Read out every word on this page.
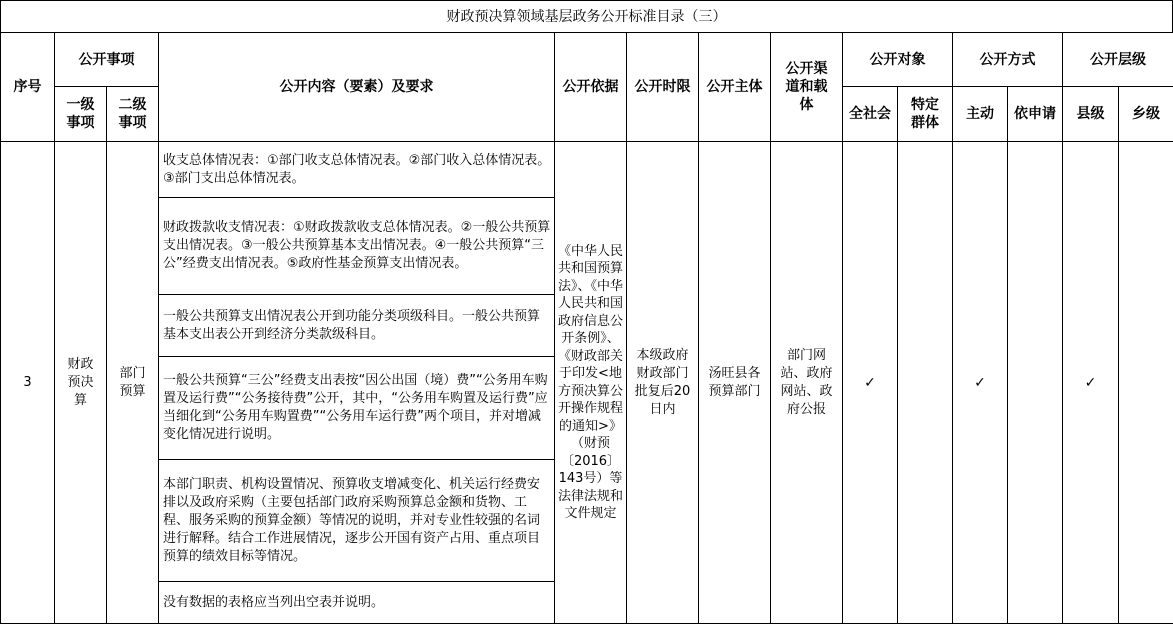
财政预决算领域基层政务公开标准目录（三）
序号	公开事项		公开内容（要素）及要求	公开依据	公开时限	公开主体	公开渠道和载体	公开对象		公开方式		公开层级	
	一级事项	二级事项						全社会	特定群体	主动	依申请	县级	乡级
3	财政预决算	部门预算	收支总体情况表：①部门收支总体情况表。②部门收入总体情况表。③部门支出总体情况表。	《中华人民共和国预算法》、《中华人民共和国政府信息公开条例》、《财政部关于印发<地方预决算公开操作规程的通知>》（财预〔2016〕143号）等法律法规和文件规定	本级政府财政部门批复后20日内	汤旺县各预算部门	部门网站、政府网站、政府公报	✓		✓		✓	
			财政拨款收支情况表：①财政拨款收支总体情况表。②一般公共预算支出情况表。③一般公共预算基本支出情况表。④一般公共预算“三公”经费支出情况表。⑤政府性基金预算支出情况表。										
			一般公共预算支出情况表公开到功能分类项级科目。一般公共预算基本支出表公开到经济分类款级科目。										
			一般公共预算“三公”经费支出表按“因公出国（境）费”“公务用车购置及运行费”“公务接待费”公开，其中，“公务用车购置及运行费”应当细化到“公务用车购置费”“公务用车运行费”两个项目，并对增减变化情况进行说明。										
			本部门职责、机构设置情况、预算收支增减变化、机关运行经费安排以及政府采购（主要包括部门政府采购预算总金额和货物、工程、服务采购的预算金额）等情况的说明，并对专业性较强的名词进行解释。结合工作进展情况，逐步公开国有资产占用、重点项目预算的绩效目标等情况。										
			没有数据的表格应当列出空表并说明。										
